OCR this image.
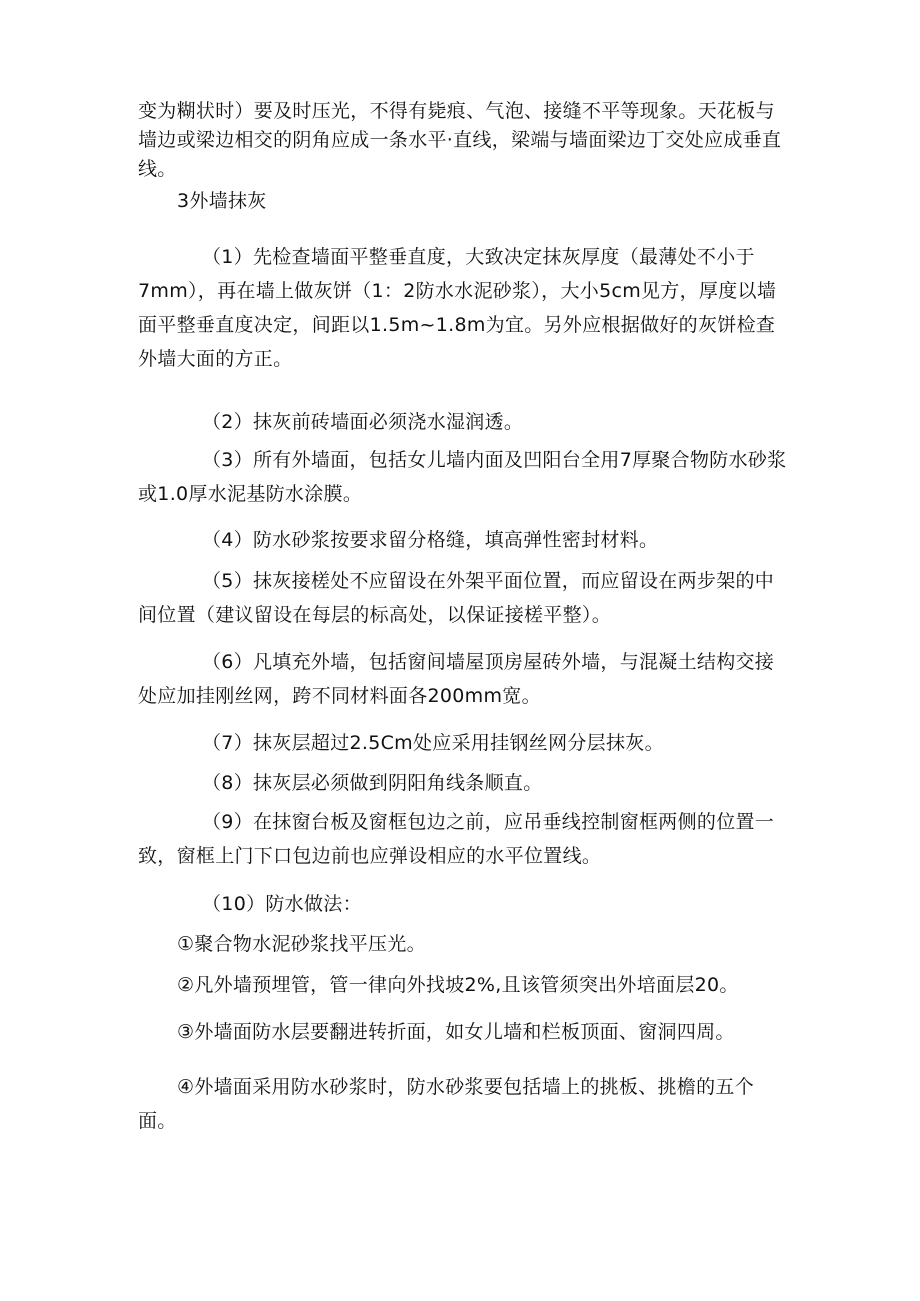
变为糊状时）要及时压光，不得有毙痕、气泡、接缝不平等现象。天花板与墙边或梁边相交的阴角应成一条水平·直线，梁端与墙面梁边丁交处应成垂直线。

3外墙抹灰

（1）先检查墙面平整垂直度，大致决定抹灰厚度（最薄处不小于7mm），再在墙上做灰饼（1：2防水水泥砂浆），大小5cm见方，厚度以墙面平整垂直度决定，间距以1.5m~1.8m为宜。另外应根据做好的灰饼检查外墙大面的方正。

（2）抹灰前砖墙面必须浇水湿润透。

（3）所有外墙面，包括女儿墙内面及凹阳台全用7厚聚合物防水砂浆或1.0厚水泥基防水涂膜。

（4）防水砂浆按要求留分格缝，填高弹性密封材料。

（5）抹灰接槎处不应留设在外架平面位置，而应留设在两步架的中间位置（建议留设在每层的标高处，以保证接槎平整）。

（6）凡填充外墙，包括窗间墙屋顶房屋砖外墙，与混凝土结构交接处应加挂刚丝网，跨不同材料面各200mm宽。

（7）抹灰层超过2.5Cm处应采用挂钢丝网分层抹灰。

（8）抹灰层必须做到阴阳角线条顺直。

（9）在抹窗台板及窗框包边之前，应吊垂线控制窗框两侧的位置一致，窗框上门下口包边前也应弹设相应的水平位置线。

（10）防水做法：

①聚合物水泥砂浆找平压光。

②凡外墙预埋管，管一律向外找坡2%,且该管须突出外培面层20。

③外墙面防水层要翻进转折面，如女儿墙和栏板顶面、窗洞四周。

④外墙面采用防水砂浆时，防水砂浆要包括墙上的挑板、挑檐的五个面。
